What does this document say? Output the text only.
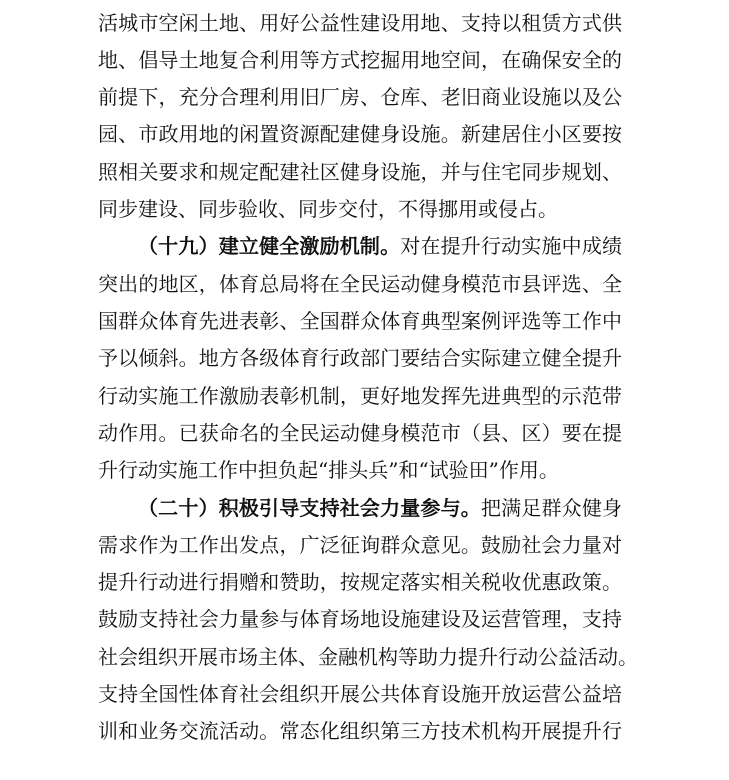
活城市空闲土地、用好公益性建设用地、支持以租赁方式供
地、倡导土地复合利用等方式挖掘用地空间，在确保安全的
前提下，充分合理利用旧厂房、仓库、老旧商业设施以及公
园、市政用地的闲置资源配建健身设施。新建居住小区要按
照相关要求和规定配建社区健身设施，并与住宅同步规划、
同步建设、同步验收、同步交付，不得挪用或侵占。
（十九）建立健全激励机制。对在提升行动实施中成绩
突出的地区，体育总局将在全民运动健身模范市县评选、全
国群众体育先进表彰、全国群众体育典型案例评选等工作中
予以倾斜。地方各级体育行政部门要结合实际建立健全提升
行动实施工作激励表彰机制，更好地发挥先进典型的示范带
动作用。已获命名的全民运动健身模范市（县、区）要在提
升行动实施工作中担负起“排头兵”和“试验田”作用。
（二十）积极引导支持社会力量参与。把满足群众健身
需求作为工作出发点，广泛征询群众意见。鼓励社会力量对
提升行动进行捐赠和赞助，按规定落实相关税收优惠政策。
鼓励支持社会力量参与体育场地设施建设及运营管理，支持
社会组织开展市场主体、金融机构等助力提升行动公益活动。
支持全国性体育社会组织开展公共体育设施开放运营公益培
训和业务交流活动。常态化组织第三方技术机构开展提升行
